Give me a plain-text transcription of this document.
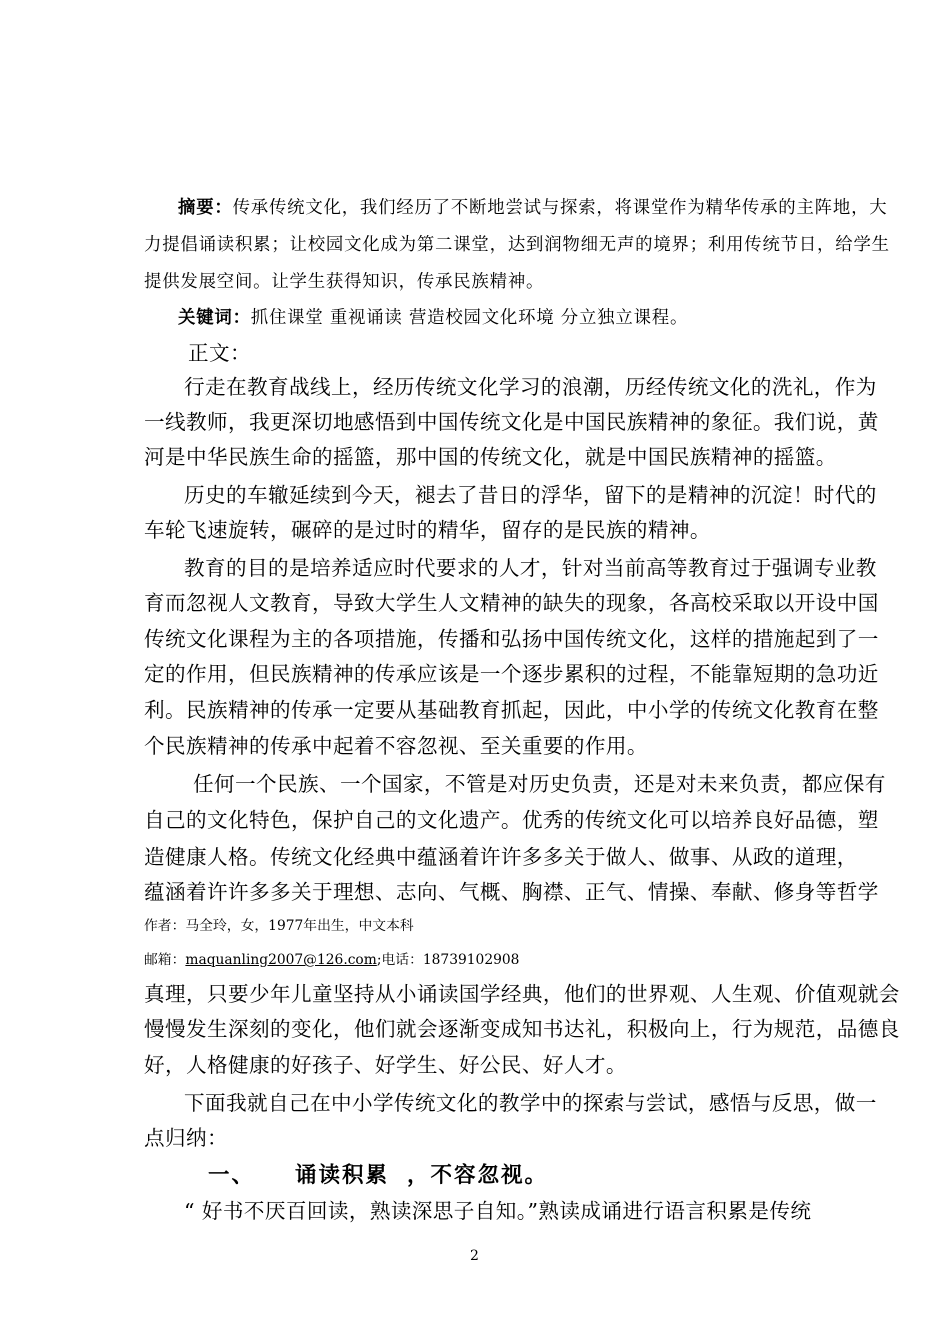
摘要：传承传统文化，我们经历了不断地尝试与探索，将课堂作为精华传承的主阵地，大
力提倡诵读积累；让校园文化成为第二课堂，达到润物细无声的境界；利用传统节日，给学生
提供发展空间。让学生获得知识，传承民族精神。
关键词：抓住课堂 重视诵读 营造校园文化环境 分立独立课程。
正文：
行走在教育战线上，经历传统文化学习的浪潮，历经传统文化的洗礼，作为
一线教师，我更深切地感悟到中国传统文化是中国民族精神的象征。我们说，黄
河是中华民族生命的摇篮，那中国的传统文化，就是中国民族精神的摇篮。
历史的车辙延续到今天，褪去了昔日的浮华，留下的是精神的沉淀！时代的
车轮飞速旋转，碾碎的是过时的精华，留存的是民族的精神。
教育的目的是培养适应时代要求的人才，针对当前高等教育过于强调专业教
育而忽视人文教育，导致大学生人文精神的缺失的现象，各高校采取以开设中国
传统文化课程为主的各项措施，传播和弘扬中国传统文化，这样的措施起到了一
定的作用，但民族精神的传承应该是一个逐步累积的过程，不能靠短期的急功近
利。民族精神的传承一定要从基础教育抓起，因此，中小学的传统文化教育在整
个民族精神的传承中起着不容忽视、至关重要的作用。
任何一个民族、一个国家，不管是对历史负责，还是对未来负责，都应保有
自己的文化特色，保护自己的文化遗产。优秀的传统文化可以培养良好品德，塑
造健康人格。传统文化经典中蕴涵着许许多多关于做人、做事、从政的道理，
蕴涵着许许多多关于理想、志向、气概、胸襟、正气、情操、奉献、修身等哲学
作者：马全玲，女，1977年出生，中文本科
邮箱：maquanling2007@126.com;电话：18739102908
真理，只要少年儿童坚持从小诵读国学经典，他们的世界观、人生观、价值观就会
慢慢发生深刻的变化，他们就会逐渐变成知书达礼，积极向上，行为规范，品德良
好，人格健康的好孩子、好学生、好公民、好人才。
下面我就自己在中小学传统文化的教学中的探索与尝试，感悟与反思，做一
点归纳：
一、 诵读积累 ，不容忽视。
“ 好书不厌百回读，熟读深思子自知。”熟读成诵进行语言积累是传统
2
